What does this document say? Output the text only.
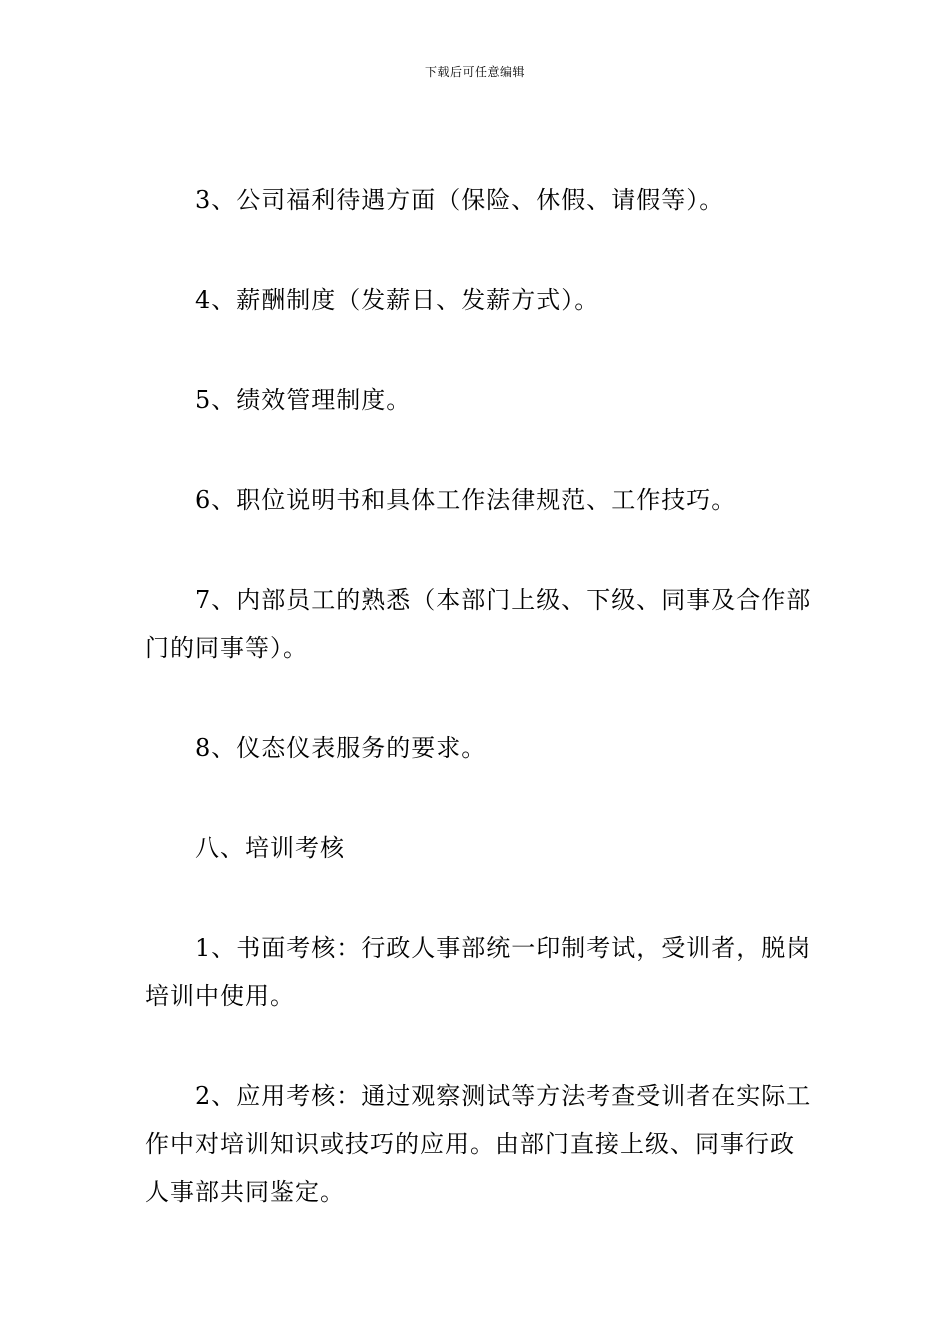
下载后可任意编辑

3、公司福利待遇方面（保险、休假、请假等）。

4、薪酬制度（发薪日、发薪方式）。

5、绩效管理制度。

6、职位说明书和具体工作法律规范、工作技巧。

7、内部员工的熟悉（本部门上级、下级、同事及合作部门的同事等）。

8、仪态仪表服务的要求。

八、培训考核

1、书面考核：行政人事部统一印制考试，受训者，脱岗培训中使用。

2、应用考核：通过观察测试等方法考查受训者在实际工作中对培训知识或技巧的应用。由部门直接上级、同事行政人事部共同鉴定。
